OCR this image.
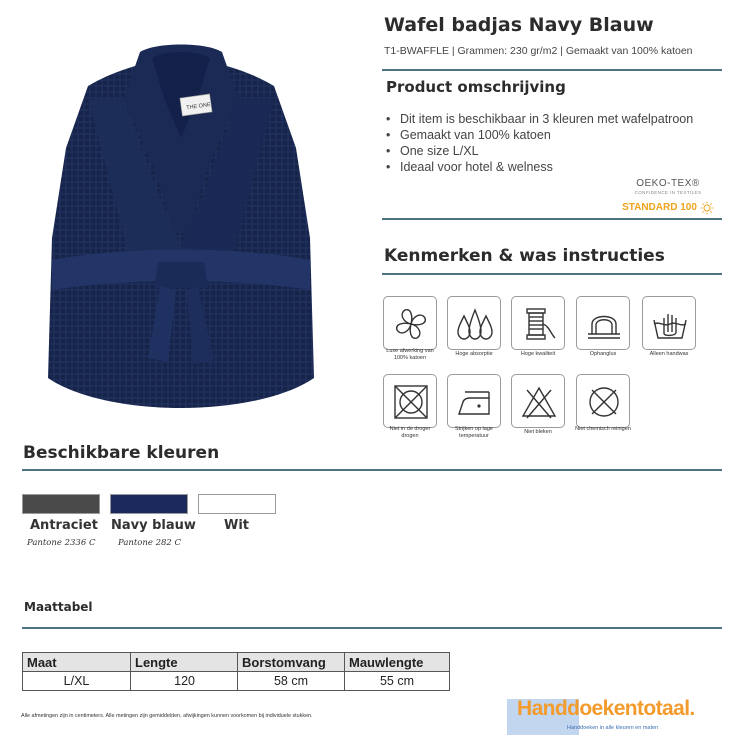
THE ONE
Wafel badjas Navy Blauw
T1-BWAFFLE | Grammen: 230 gr/m2 | Gemaakt van 100% katoen
Product omschrijving
• Dit item is beschikbaar in 3 kleuren met wafelpatroon
• Gemaakt van 100% katoen
• One size L/XL
• Ideaal voor hotel & welness
OEKO-TEX®
CONFIDENCE IN TEXTILES
STANDARD 100
Kenmerken & was instructies
Luxe afwerking van 100% katoen
Hoge absorptie	Hoge kwaliteit	Ophanglus	Alleen handwas
Niet in de droger drogen
Strijken op lage temperatuur
Niet bleken	Niet chemisch reinigen
Beschikbare kleuren
Antraciet Navy blauw Wit
Pantone 2336 C	Pantone 282 C
Maattabel
Maat	Lengte	Borstomvang	Mauwlengte
L/XL	120	58 cm	55 cm
Alle afmetingen zijn in centimeters. Alle metingen zijn gemiddelden, afwijkingen kunnen voorkomen bij individuele stukken.	Handdoekentotaal.
Handdoeken in alle kleuren en maten
